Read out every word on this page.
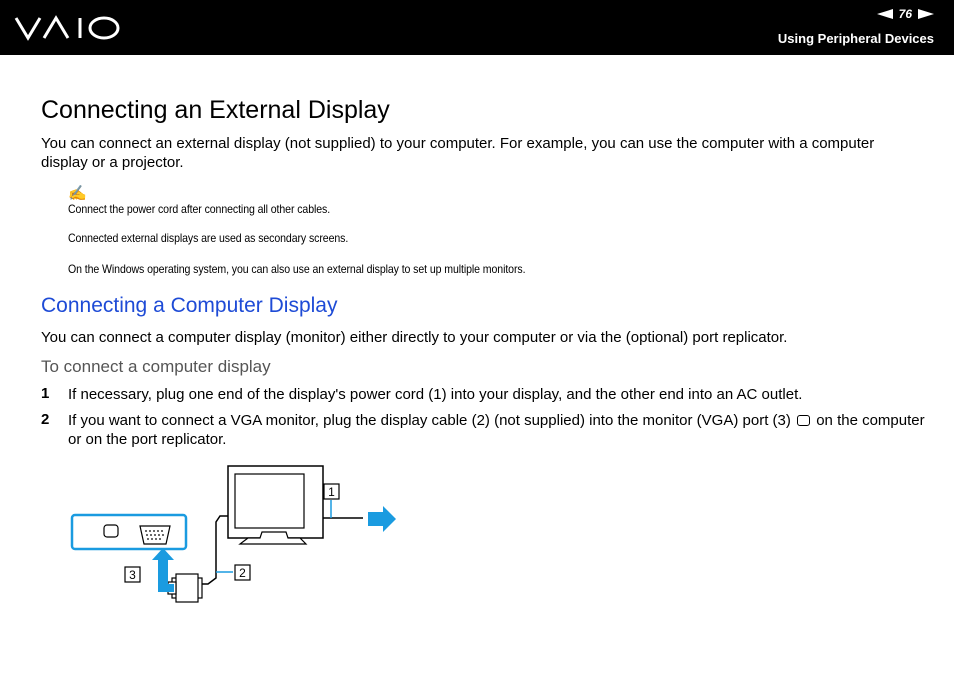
76
Using Peripheral Devices
Connecting an External Display
You can connect an external display (not supplied) to your computer. For example, you can use the computer with a computer display or a projector.
✍
Connect the power cord after connecting all other cables.
Connected external displays are used as secondary screens.
On the Windows operating system, you can also use an external display to set up multiple monitors.
Connecting a Computer Display
You can connect a computer display (monitor) either directly to your computer or via the (optional) port replicator.
To connect a computer display
1 If necessary, plug one end of the display's power cord (1) into your display, and the other end into an AC outlet.
2 If you want to connect a VGA monitor, plug the display cable (2) (not supplied) into the monitor (VGA) port (3) on the computer or on the port replicator.
1
2
3
